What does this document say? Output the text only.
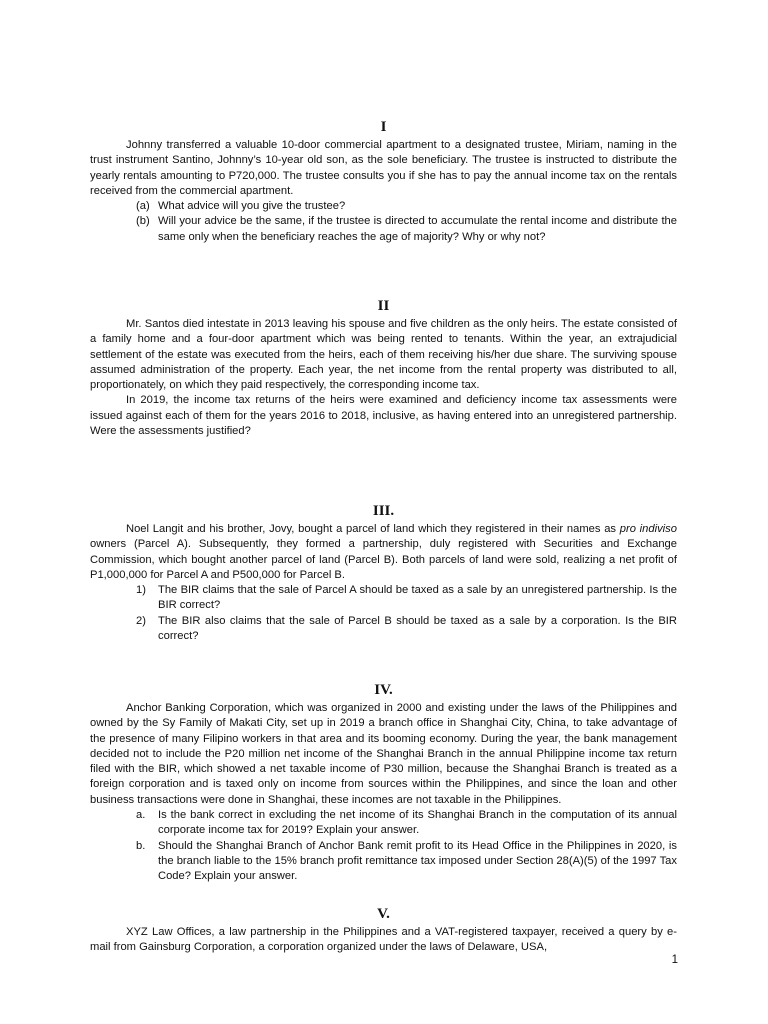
I

Johnny transferred a valuable 10-door commercial apartment to a designated trustee, Miriam, naming in the trust instrument Santino, Johnny’s 10-year old son, as the sole beneficiary. The trustee is instructed to distribute the yearly rentals amounting to P720,000. The trustee consults you if she has to pay the annual income tax on the rentals received from the commercial apartment.

(a) What advice will you give the trustee?
(b) Will your advice be the same, if the trustee is directed to accumulate the rental income and distribute the same only when the beneficiary reaches the age of majority? Why or why not?
II

Mr. Santos died intestate in 2013 leaving his spouse and five children as the only heirs. The estate consisted of a family home and a four-door apartment which was being rented to tenants. Within the year, an extrajudicial settlement of the estate was executed from the heirs, each of them receiving his/her due share. The surviving spouse assumed administration of the property. Each year, the net income from the rental property was distributed to all, proportionately, on which they paid respectively, the corresponding income tax.

In 2019, the income tax returns of the heirs were examined and deficiency income tax assessments were issued against each of them for the years 2016 to 2018, inclusive, as having entered into an unregistered partnership. Were the assessments justified?

III.

Noel Langit and his brother, Jovy, bought a parcel of land which they registered in their names as pro indiviso owners (Parcel A). Subsequently, they formed a partnership, duly registered with Securities and Exchange Commission, which bought another parcel of land (Parcel B). Both parcels of land were sold, realizing a net profit of P1,000,000 for Parcel A and P500,000 for Parcel B.

1) The BIR claims that the sale of Parcel A should be taxed as a sale by an unregistered partnership. Is the BIR correct?
2) The BIR also claims that the sale of Parcel B should be taxed as a sale by a corporation. Is the BIR correct?
IV.

Anchor Banking Corporation, which was organized in 2000 and existing under the laws of the Philippines and owned by the Sy Family of Makati City, set up in 2019 a branch office in Shanghai City, China, to take advantage of the presence of many Filipino workers in that area and its booming economy. During the year, the bank management decided not to include the P20 million net income of the Shanghai Branch in the annual Philippine income tax return filed with the BIR, which showed a net taxable income of P30 million, because the Shanghai Branch is treated as a foreign corporation and is taxed only on income from sources within the Philippines, and since the loan and other business transactions were done in Shanghai, these incomes are not taxable in the Philippines.

a. Is the bank correct in excluding the net income of its Shanghai Branch in the computation of its annual corporate income tax for 2019? Explain your answer.
b. Should the Shanghai Branch of Anchor Bank remit profit to its Head Office in the Philippines in 2020, is the branch liable to the 15% branch profit remittance tax imposed under Section 28(A)(5) of the 1997 Tax Code? Explain your answer.
V.

XYZ Law Offices, a law partnership in the Philippines and a VAT-registered taxpayer, received a query by e-mail from Gainsburg Corporation, a corporation organized under the laws of Delaware, USA,

1
